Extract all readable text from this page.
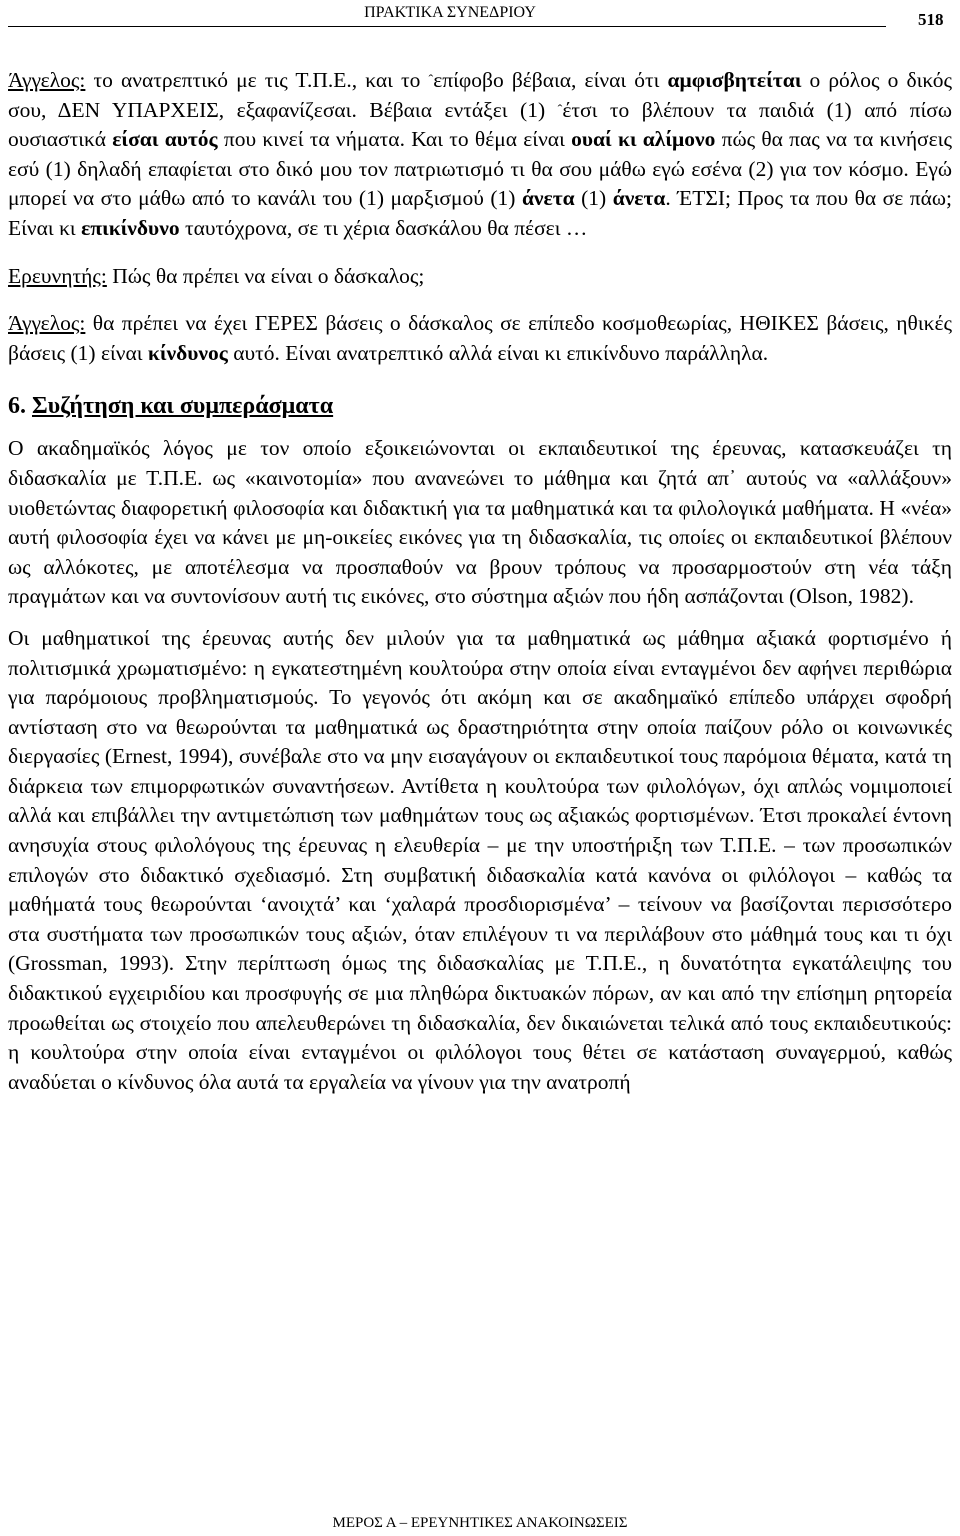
ΠΡΑΚΤΙΚΑ ΣΥΝΕΔΡΙΟΥ	518

Άγγελος: το ανατρεπτικό με τις Τ.Π.Ε., και το $^ˆ$επίφοβο βέβαια, είναι ότι αμφισβητείται ο ρόλος ο δικός σου, ΔΕΝ ΥΠΑΡΧΕΙΣ, εξαφανίζεσαι. Βέβαια εντάξει (1) $^ˆ$έτσι το βλέπουν τα παιδιά (1) από πίσω ουσιαστικά είσαι αυτός που κινεί τα νήματα. Και το θέμα είναι ουαί κι αλίμονο πώς θα πας να τα κινήσεις εσύ (1) δηλαδή επαφίεται στο δικό μου τον πατριωτισμό τι θα σου μάθω εγώ εσένα (2) για τον κόσμο. Εγώ μπορεί να στο μάθω από το κανάλι του (1) μαρξισμού (1) άνετα (1) άνετα. ΈΤΣΙ; Προς τα που θα σε πάω; Είναι κι επικίνδυνο ταυτόχρονα, σε τι χέρια δασκάλου θα πέσει …

Ερευνητής: Πώς θα πρέπει να είναι ο δάσκαλος;

Άγγελος: θα πρέπει να έχει ΓΕΡΕΣ βάσεις ο δάσκαλος σε επίπεδο κοσμοθεωρίας, ΗΘΙΚΕΣ βάσεις, ηθικές βάσεις (1) είναι κίνδυνος αυτό. Είναι ανατρεπτικό αλλά είναι κι επικίνδυνο παράλληλα.

6. Συζήτηση και συμπεράσματα

Ο ακαδημαϊκός λόγος με τον οποίο εξοικειώνονται οι εκπαιδευτικοί της έρευνας, κατασκευάζει τη διδασκαλία με Τ.Π.Ε. ως «καινοτομία» που ανανεώνει το μάθημα και ζητά απ᾽ αυτούς να «αλλάξουν» υιοθετώντας διαφορετική φιλοσοφία και διδακτική για τα μαθηματικά και τα φιλολογικά μαθήματα. Η «νέα» αυτή φιλοσοφία έχει να κάνει με μη-οικείες εικόνες για τη διδασκαλία, τις οποίες οι εκπαιδευτικοί βλέπουν ως αλλόκοτες, με αποτέλεσμα να προσπαθούν να βρουν τρόπους να προσαρμοστούν στη νέα τάξη πραγμάτων και να συντονίσουν αυτή τις εικόνες, στο σύστημα αξιών που ήδη ασπάζονται (Olson, 1982).

Οι μαθηματικοί της έρευνας αυτής δεν μιλούν για τα μαθηματικά ως μάθημα αξιακά φορτισμένο ή πολιτισμικά χρωματισμένο: η εγκατεστημένη κουλτούρα στην οποία είναι ενταγμένοι δεν αφήνει περιθώρια για παρόμοιους προβληματισμούς. Το γεγονός ότι ακόμη και σε ακαδημαϊκό επίπεδο υπάρχει σφοδρή αντίσταση στο να θεωρούνται τα μαθηματικά ως δραστηριότητα στην οποία παίζουν ρόλο οι κοινωνικές διεργασίες (Ernest, 1994), συνέβαλε στο να μην εισαγάγουν οι εκπαιδευτικοί τους παρόμοια θέματα, κατά τη διάρκεια των επιμορφωτικών συναντήσεων. Αντίθετα η κουλτούρα των φιλολόγων, όχι απλώς νομιμοποιεί αλλά και επιβάλλει την αντιμετώπιση των μαθημάτων τους ως αξιακώς φορτισμένων. Έτσι προκαλεί έντονη ανησυχία στους φιλολόγους της έρευνας η ελευθερία – με την υποστήριξη των Τ.Π.Ε. – των προσωπικών επιλογών στο διδακτικό σχεδιασμό. Στη συμβατική διδασκαλία κατά κανόνα οι φιλόλογοι – καθώς τα μαθήματά τους θεωρούνται ‘ανοιχτά’ και ‘χαλαρά προσδιορισμένα’ – τείνουν να βασίζονται περισσότερο στα συστήματα των προσωπικών τους αξιών, όταν επιλέγουν τι να περιλάβουν στο μάθημά τους και τι όχι (Grossman, 1993). Στην περίπτωση όμως της διδασκαλίας με Τ.Π.Ε., η δυνατότητα εγκατάλειψης του διδακτικού εγχειριδίου και προσφυγής σε μια πληθώρα δικτυακών πόρων, αν και από την επίσημη ρητορεία προωθείται ως στοιχείο που απελευθερώνει τη διδασκαλία, δεν δικαιώνεται τελικά από τους εκπαιδευτικούς: η κουλτούρα στην οποία είναι ενταγμένοι οι φιλόλογοι τους θέτει σε κατάσταση συναγερμού, καθώς αναδύεται ο κίνδυνος όλα αυτά τα εργαλεία να γίνουν για την ανατροπή

ΜΕΡΟΣ Α – ΕΡΕΥΝΗΤΙΚΕΣ ΑΝΑΚΟΙΝΩΣΕΙΣ
